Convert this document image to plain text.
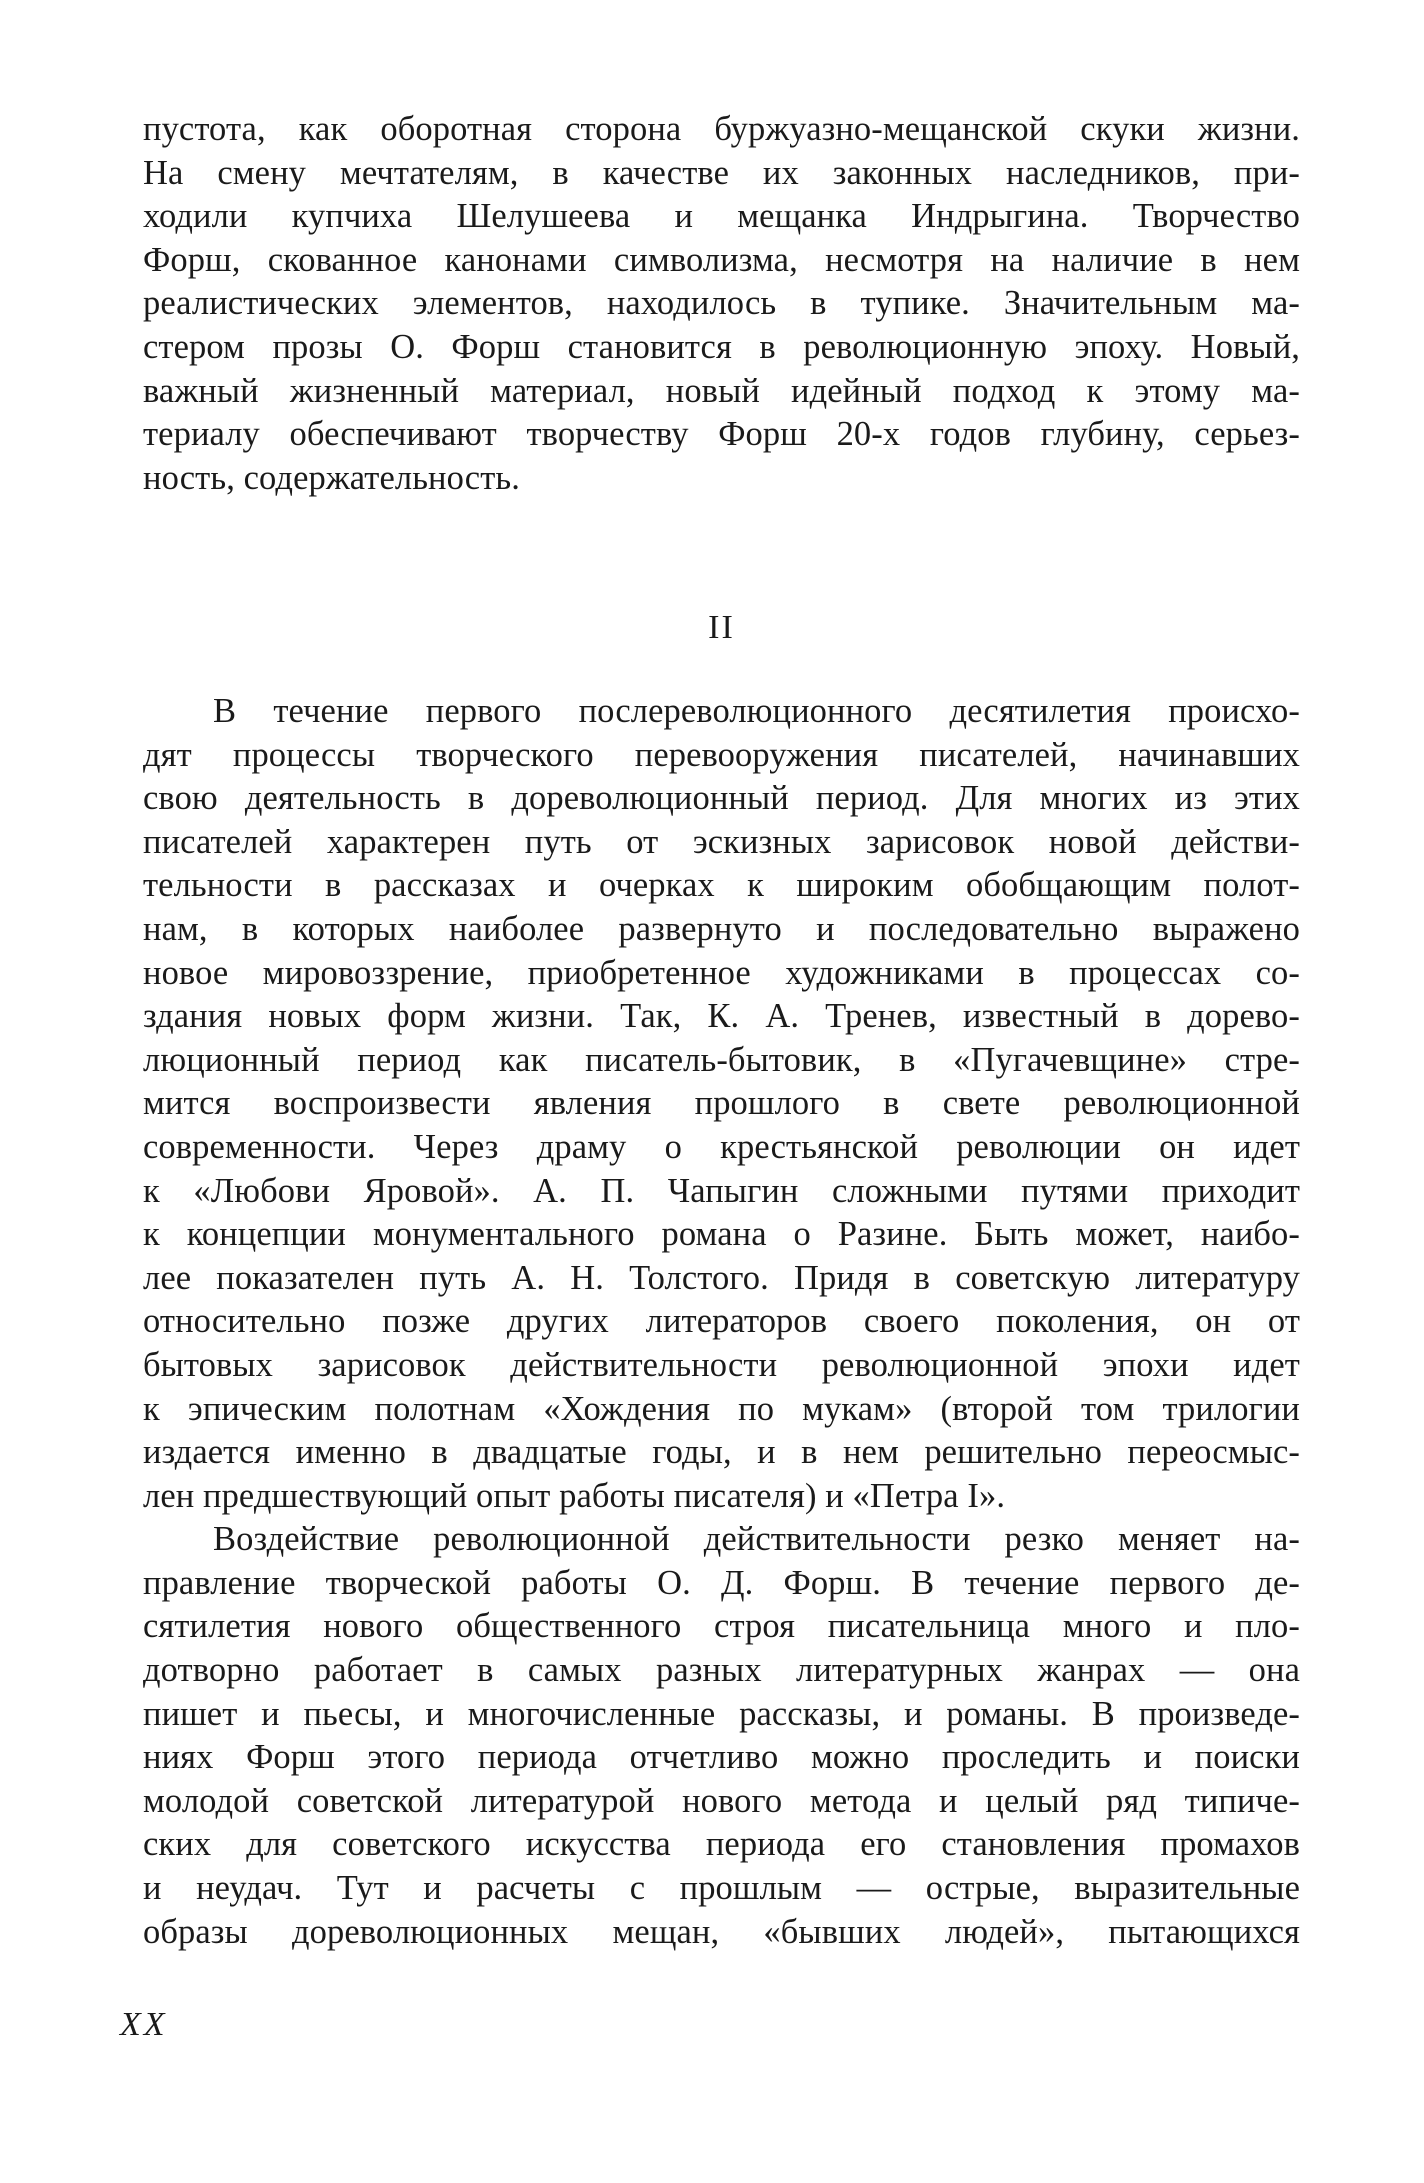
пустота, как оборотная сторона буржуазно-мещанской скуки жизни.
На смену мечтателям, в качестве их законных наследников, при-
ходили купчиха Шелушеева и мещанка Индрыгина. Творчество
Форш, скованное канонами символизма, несмотря на наличие в нем
реалистических элементов, находилось в тупике. Значительным ма-
стером прозы О. Форш становится в революционную эпоху. Новый,
важный жизненный материал, новый идейный подход к этому ма-
териалу обеспечивают творчеству Форш 20-х годов глубину, серьез-
ность, содержательность.
II
В течение первого послереволюционного десятилетия происхо-
дят процессы творческого перевооружения писателей, начинавших
свою деятельность в дореволюционный период. Для многих из этих
писателей характерен путь от эскизных зарисовок новой действи-
тельности в рассказах и очерках к широким обобщающим полот-
нам, в которых наиболее развернуто и последовательно выражено
новое мировоззрение, приобретенное художниками в процессах со-
здания новых форм жизни. Так, К. А. Тренев, известный в дорево-
люционный период как писатель-бытовик, в «Пугачевщине» стре-
мится воспроизвести явления прошлого в свете революционной
современности. Через драму о крестьянской революции он идет
к «Любови Яровой». А. П. Чапыгин сложными путями приходит
к концепции монументального романа о Разине. Быть может, наибо-
лее показателен путь А. Н. Толстого. Придя в советскую литературу
относительно позже других литераторов своего поколения, он от
бытовых зарисовок действительности революционной эпохи идет
к эпическим полотнам «Хождения по мукам» (второй том трилогии
издается именно в двадцатые годы, и в нем решительно переосмыс-
лен предшествующий опыт работы писателя) и «Петра I».
Воздействие революционной действительности резко меняет на-
правление творческой работы О. Д. Форш. В течение первого де-
сятилетия нового общественного строя писательница много и пло-
дотворно работает в самых разных литературных жанрах — она
пишет и пьесы, и многочисленные рассказы, и романы. В произведе-
ниях Форш этого периода отчетливо можно проследить и поиски
молодой советской литературой нового метода и целый ряд типиче-
ских для советского искусства периода его становления промахов
и неудач. Тут и расчеты с прошлым — острые, выразительные
образы дореволюционных мещан, «бывших людей», пытающихся
XX
